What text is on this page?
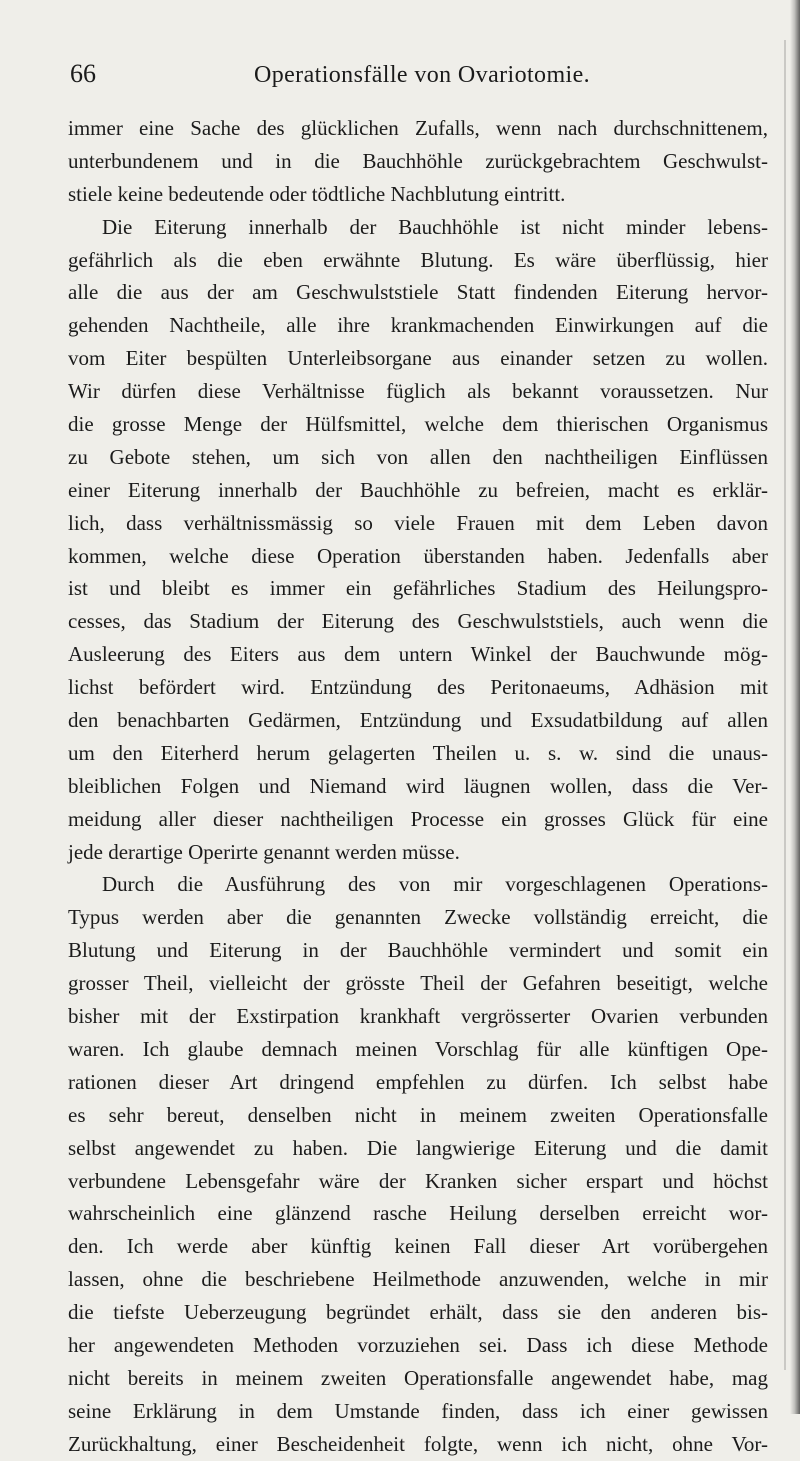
66	Operationsfälle von Ovariotomie.
immer eine Sache des glücklichen Zufalls, wenn nach durchschnittenem,
unterbundenem und in die Bauchhöhle zurückgebrachtem Geschwulst-
stiele keine bedeutende oder tödtliche Nachblutung eintritt.
Die Eiterung innerhalb der Bauchhöhle ist nicht minder lebens-
gefährlich als die eben erwähnte Blutung. Es wäre überflüssig, hier
alle die aus der am Geschwulststiele Statt findenden Eiterung hervor-
gehenden Nachtheile, alle ihre krankmachenden Einwirkungen auf die
vom Eiter bespülten Unterleibsorgane aus einander setzen zu wollen.
Wir dürfen diese Verhältnisse füglich als bekannt voraussetzen. Nur
die grosse Menge der Hülfsmittel, welche dem thierischen Organismus
zu Gebote stehen, um sich von allen den nachtheiligen Einflüssen
einer Eiterung innerhalb der Bauchhöhle zu befreien, macht es erklär-
lich, dass verhältnissmässig so viele Frauen mit dem Leben davon
kommen, welche diese Operation überstanden haben. Jedenfalls aber
ist und bleibt es immer ein gefährliches Stadium des Heilungspro-
cesses, das Stadium der Eiterung des Geschwulststiels, auch wenn die
Ausleerung des Eiters aus dem untern Winkel der Bauchwunde mög-
lichst befördert wird. Entzündung des Peritonaeums, Adhäsion mit
den benachbarten Gedärmen, Entzündung und Exsudatbildung auf allen
um den Eiterherd herum gelagerten Theilen u. s. w. sind die unaus-
bleiblichen Folgen und Niemand wird läugnen wollen, dass die Ver-
meidung aller dieser nachtheiligen Processe ein grosses Glück für eine
jede derartige Operirte genannt werden müsse.
Durch die Ausführung des von mir vorgeschlagenen Operations-
Typus werden aber die genannten Zwecke vollständig erreicht, die
Blutung und Eiterung in der Bauchhöhle vermindert und somit ein
grosser Theil, vielleicht der grösste Theil der Gefahren beseitigt, welche
bisher mit der Exstirpation krankhaft vergrösserter Ovarien verbunden
waren. Ich glaube demnach meinen Vorschlag für alle künftigen Ope-
rationen dieser Art dringend empfehlen zu dürfen. Ich selbst habe
es sehr bereut, denselben nicht in meinem zweiten Operationsfalle
selbst angewendet zu haben. Die langwierige Eiterung und die damit
verbundene Lebensgefahr wäre der Kranken sicher erspart und höchst
wahrscheinlich eine glänzend rasche Heilung derselben erreicht wor-
den. Ich werde aber künftig keinen Fall dieser Art vorübergehen
lassen, ohne die beschriebene Heilmethode anzuwenden, welche in mir
die tiefste Ueberzeugung begründet erhält, dass sie den anderen bis-
her angewendeten Methoden vorzuziehen sei. Dass ich diese Methode
nicht bereits in meinem zweiten Operationsfalle angewendet habe, mag
seine Erklärung in dem Umstande finden, dass ich einer gewissen
Zurückhaltung, einer Bescheidenheit folgte, wenn ich nicht, ohne Vor-
